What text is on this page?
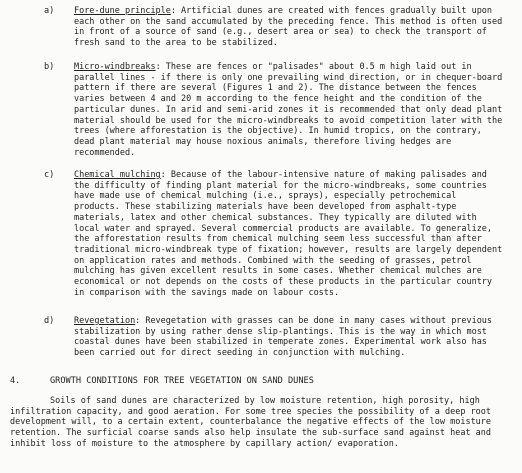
a) Fore-dune principle: Artificial dunes are created with fences gradually built upon each other on the sand accumulated by the preceding fence. This method is often used in front of a source of sand (e.g., desert area or sea) to check the transport of fresh sand to the area to be stabilized.
b) Micro-windbreaks: These are fences or "palisades" about 0.5 m high laid out in parallel lines - if there is only one prevailing wind direction, or in chequer-board pattern if there are several (Figures 1 and 2). The distance between the fences varies between 4 and 20 m according to the fence height and the condition of the particular dunes. In arid and semi-arid zones it is recommended that only dead plant material should be used for the micro-windbreaks to avoid competition later with the trees (where afforestation is the objective). In humid tropics, on the contrary, dead plant material may house noxious animals, therefore living hedges are recommended.
c) Chemical mulching: Because of the labour-intensive nature of making palisades and the difficulty of finding plant material for the micro-windbreaks, some countries have made use of chemical mulching (i.e., sprays), especially petrochemical products. These stabilizing materials have been developed from asphalt-type materials, latex and other chemical substances. They typically are diluted with local water and sprayed. Several commercial products are available. To generalize, the afforestation results from chemical mulching seem less successful than after traditional micro-windbreak type of fixation; however, results are largely dependent on application rates and methods. Combined with the seeding of grasses, petrol mulching has given excellent results in some cases. Whether chemical mulches are economical or not depends on the costs of these products in the particular country in comparison with the savings made on labour costs.
d) Revegetation: Revegetation with grasses can be done in many cases without previous stabilization by using rather dense slip-plantings. This is the way in which most coastal dunes have been stabilized in temperate zones. Experimental work also has been carried out for direct seeding in conjunction with mulching.
4.	GROWTH CONDITIONS FOR TREE VEGETATION ON SAND DUNES
Soils of sand dunes are characterized by low moisture retention, high porosity, high infiltration capacity, and good aeration. For some tree species the possibility of a deep root development will, to a certain extent, counterbalance the negative effects of the low moisture retention. The surficial coarse sands also help insulate the sub-surface sand against heat and inhibit loss of moisture to the atmosphere by capillary action/ evaporation.
